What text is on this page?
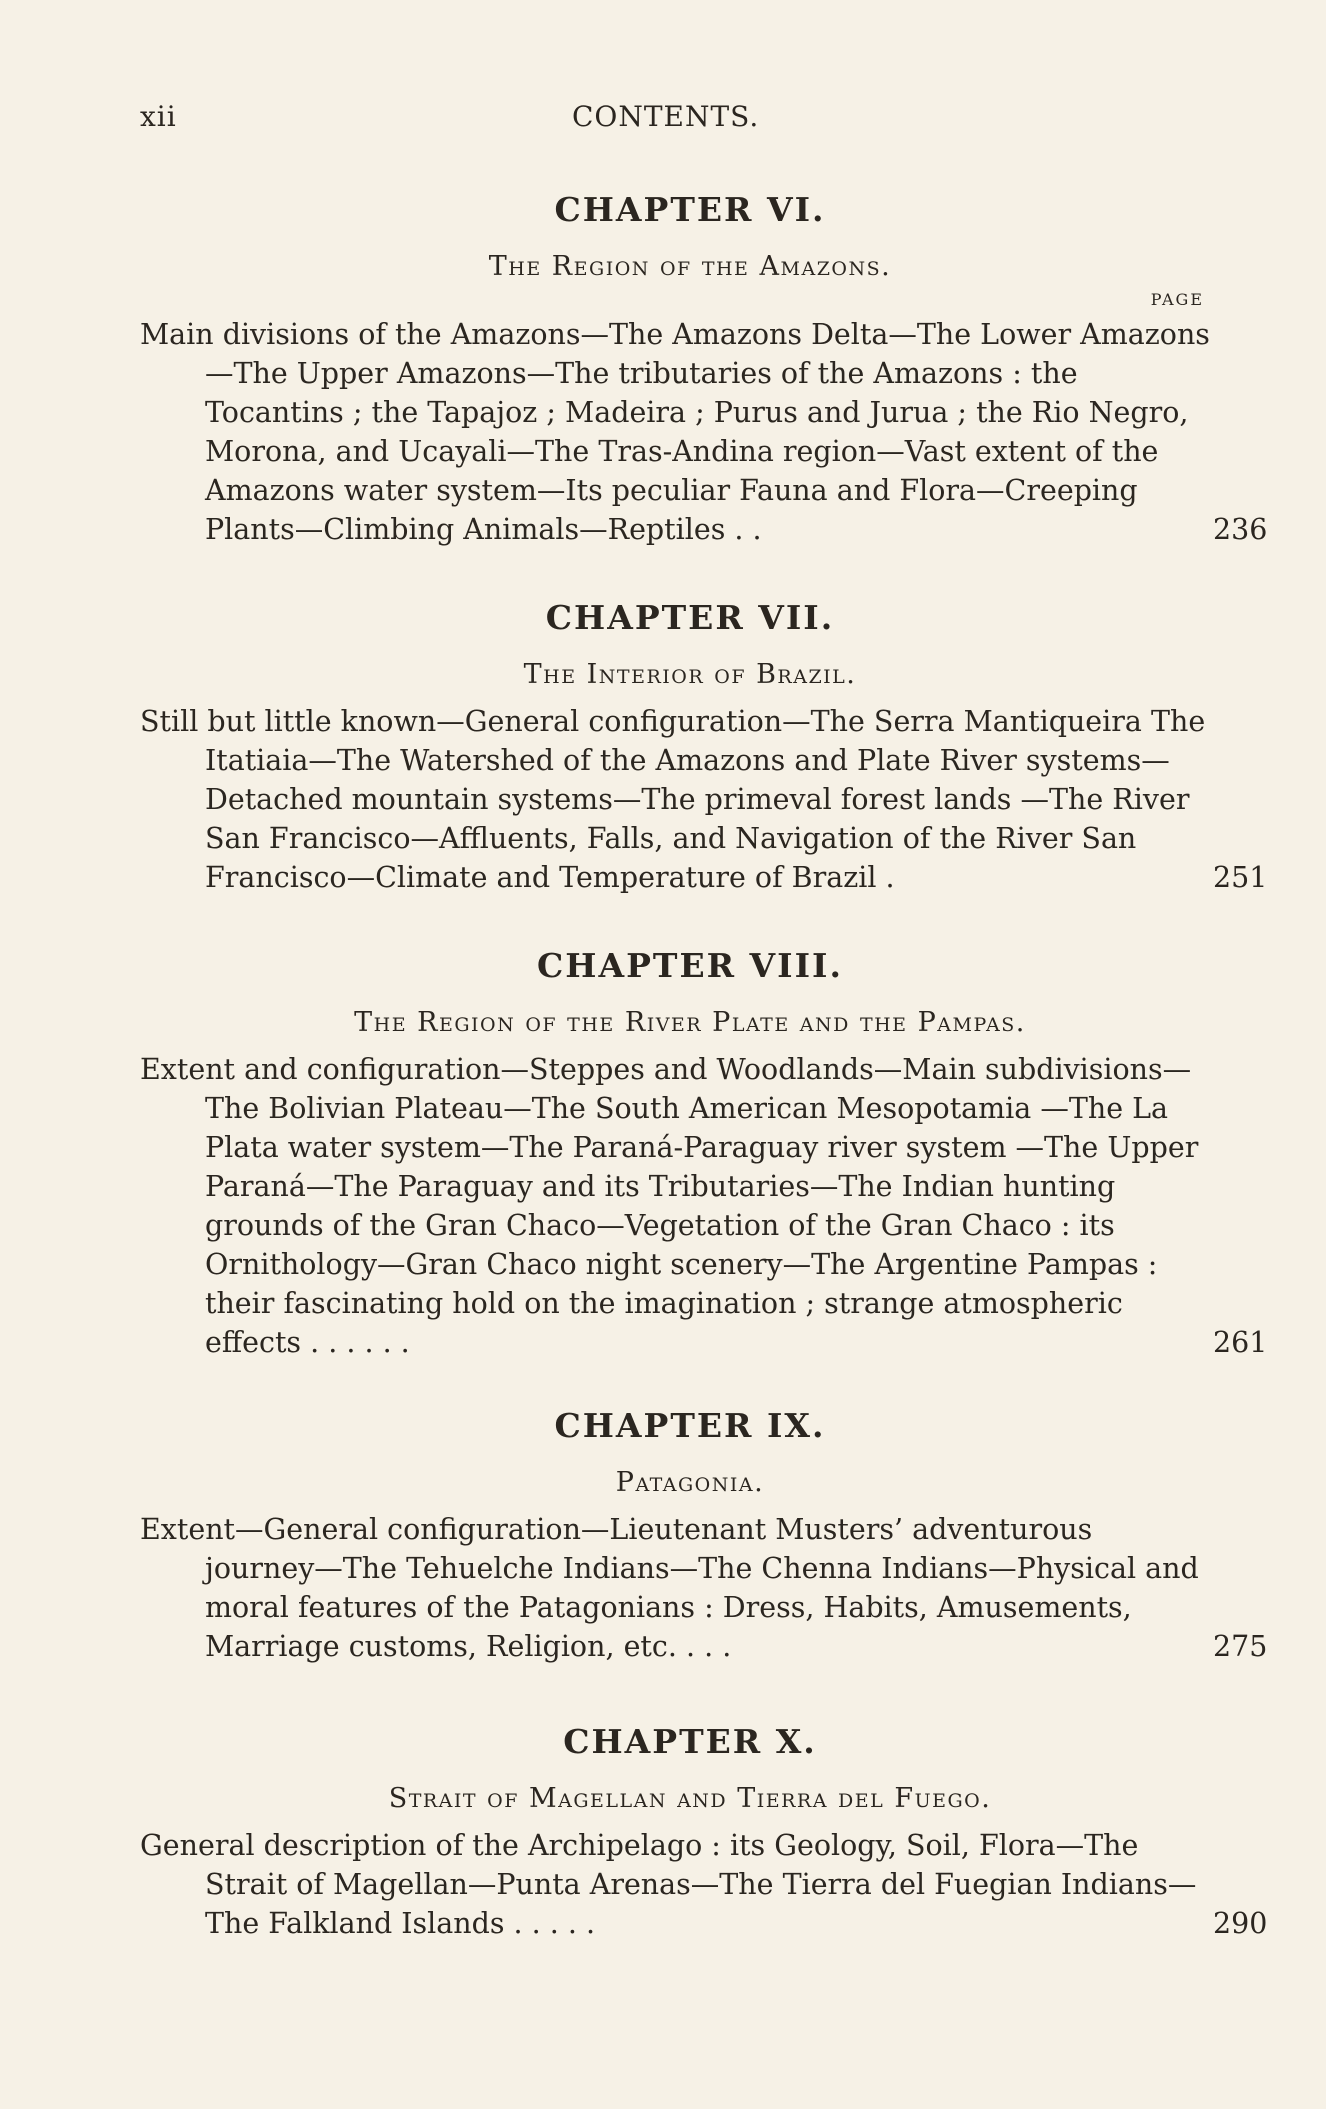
xii	CONTENTS.
CHAPTER VI.
The Region of the Amazons.
PAGE
Main divisions of the Amazons—The Amazons Delta—The Lower Amazons—The Upper Amazons—The tributaries of the Amazons : the Tocantins ; the Tapajoz ; Madeira ; Purus and Jurua ; the Rio Negro, Morona, and Ucayali—The Tras-Andina region—Vast extent of the Amazons water system—Its peculiar Fauna and Flora—Creeping Plants—Climbing Animals—Reptiles . .	236
CHAPTER VII.
The Interior of Brazil.
Still but little known—General configuration—The Serra Mantiqueira The Itatiaia—The Watershed of the Amazons and Plate River systems—Detached mountain systems—The primeval forest lands —The River San Francisco—Affluents, Falls, and Navigation of the River San Francisco—Climate and Temperature of Brazil .	251
CHAPTER VIII.
The Region of the River Plate and the Pampas.
Extent and configuration—Steppes and Woodlands—Main subdivisions—The Bolivian Plateau—The South American Mesopotamia —The La Plata water system—The Paraná-Paraguay river system —The Upper Paraná—The Paraguay and its Tributaries—The Indian hunting grounds of the Gran Chaco—Vegetation of the Gran Chaco : its Ornithology—Gran Chaco night scenery—The Argentine Pampas : their fascinating hold on the imagination ; strange atmospheric effects . . . . . .	261
CHAPTER IX.
Patagonia.
Extent—General configuration—Lieutenant Musters’ adventurous journey—The Tehuelche Indians—The Chenna Indians—Physical and moral features of the Patagonians : Dress, Habits, Amusements, Marriage customs, Religion, etc. . . .	275
CHAPTER X.
Strait of Magellan and Tierra del Fuego.
General description of the Archipelago : its Geology, Soil, Flora—The Strait of Magellan—Punta Arenas—The Tierra del Fuegian Indians—The Falkland Islands . . . . .	290
